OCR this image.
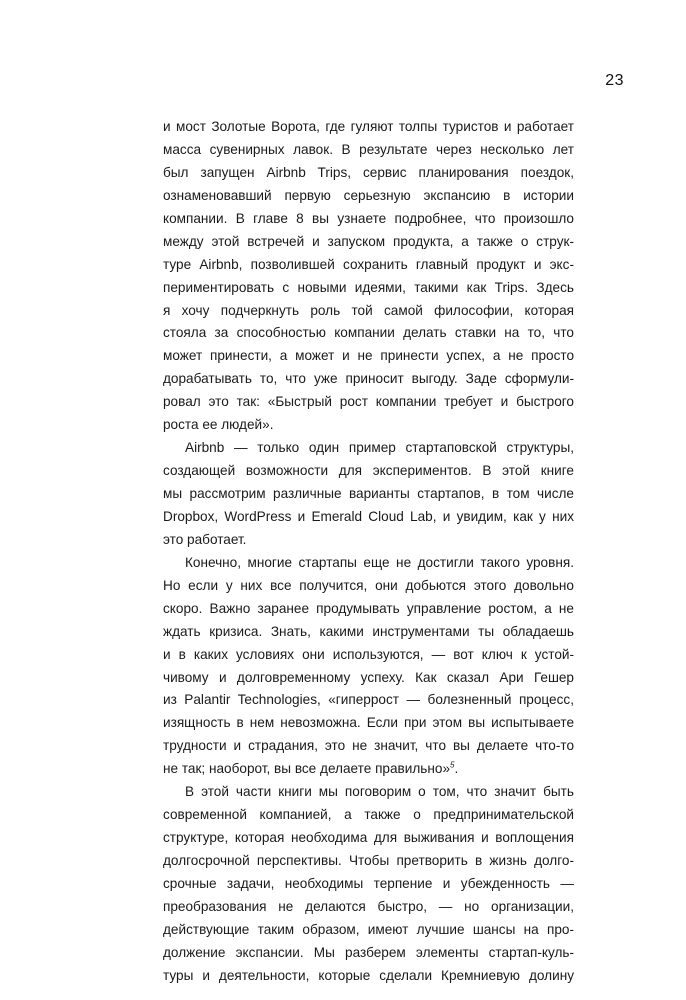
23
и мост Золотые Ворота, где гуляют толпы туристов и работает
масса сувенирных лавок. В результате через несколько лет
был запущен Airbnb Trips, сервис планирования поездок,
ознаменовавший первую серьезную экспансию в истории
компании. В главе 8 вы узнаете подробнее, что произошло
между этой встречей и запуском продукта, а также о струк-
туре Airbnb, позволившей сохранить главный продукт и экс-
периментировать с новыми идеями, такими как Trips. Здесь
я хочу подчеркнуть роль той самой философии, которая
стояла за способностью компании делать ставки на то, что
может принести, а может и не принести успех, а не просто
дорабатывать то, что уже приносит выгоду. Заде сформули-
ровал это так: «Быстрый рост компании требует и быстрого
роста ее людей».
Airbnb — только один пример стартаповской структуры,
создающей возможности для экспериментов. В этой книге
мы рассмотрим различные варианты стартапов, в том числе
Dropbox, WordPress и Emerald Cloud Lab, и увидим, как у них
это работает.
Конечно, многие стартапы еще не достигли такого уровня.
Но если у них все получится, они добьются этого довольно
скоро. Важно заранее продумывать управление ростом, а не
ждать кризиса. Знать, какими инструментами ты обладаешь
и в каких условиях они используются, — вот ключ к устой-
чивому и долговременному успеху. Как сказал Ари Гешер
из Palantir Technologies, «гиперрост — болезненный процесс,
изящность в нем невозможна. Если при этом вы испытываете
трудности и страдания, это не значит, что вы делаете что-то
не так; наоборот, вы все делаете правильно»$^5$.
В этой части книги мы поговорим о том, что значит быть
современной компанией, а также о предпринимательской
структуре, которая необходима для выживания и воплощения
долгосрочной перспективы. Чтобы претворить в жизнь долго-
срочные задачи, необходимы терпение и убежденность —
преобразования не делаются быстро, — но организации,
действующие таким образом, имеют лучшие шансы на про-
должение экспансии. Мы разберем элементы стартап-куль-
туры и деятельности, которые сделали Кремниевую долину
